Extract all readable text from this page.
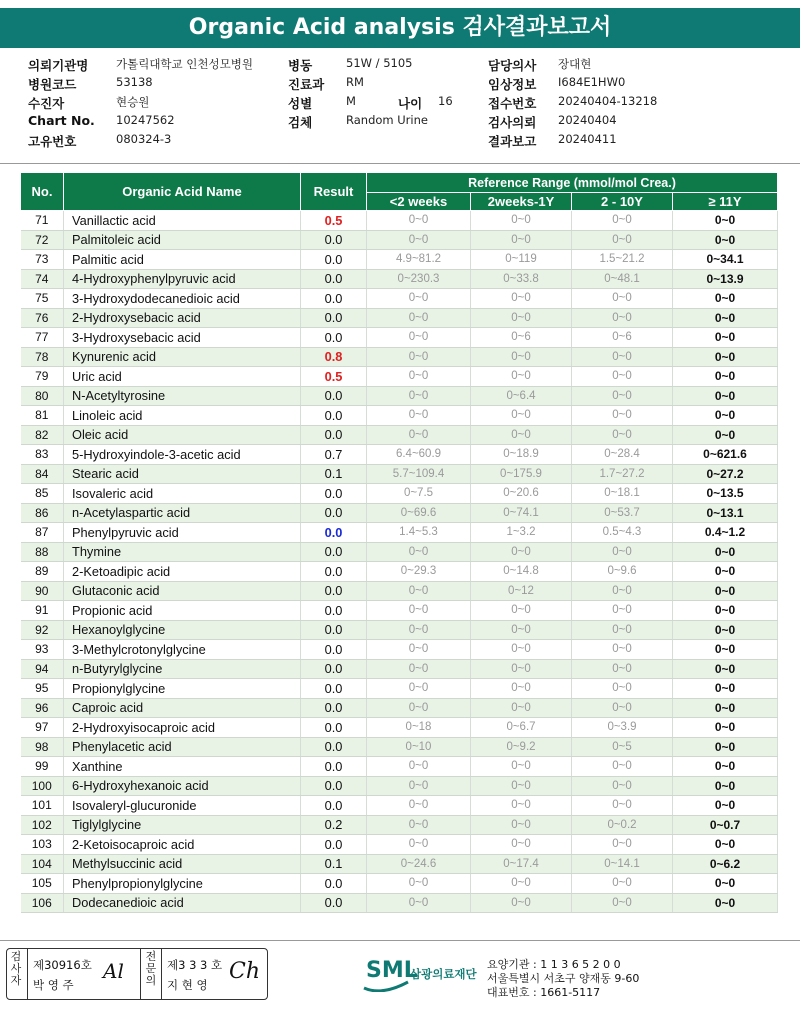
Organic Acid analysis 검사결과보고서
의뢰기관명 가톨릭대학교 인천성모병원	병동	51W / 5105	담당의사 장대현
병원코드	53138	진료과 RM	임상정보 I684E1HW0
수진자	현승원	성별	M	나이 16	접수번호 20240404-13218
Chart No. 10247562	검체	Random Urine	검사의뢰 20240404
고유번호	080324-3	결과보고 20240411
No.	Organic Acid Name	Result	Reference Range (mmol/mol Crea.)			
			<2 weeks	2weeks-1Y	2 - 10Y	≥ 11Y
71	Vanillactic acid	0.5	0~0	0~0	0~0	0~0
72	Palmitoleic acid	0.0	0~0	0~0	0~0	0~0
73	Palmitic acid	0.0	4.9~81.2	0~119	1.5~21.2	0~34.1
74	4-Hydroxyphenylpyruvic acid	0.0	0~230.3	0~33.8	0~48.1	0~13.9
75	3-Hydroxydodecanedioic acid	0.0	0~0	0~0	0~0	0~0
76	2-Hydroxysebacic acid	0.0	0~0	0~0	0~0	0~0
77	3-Hydroxysebacic acid	0.0	0~0	0~6	0~6	0~0
78	Kynurenic acid	0.8	0~0	0~0	0~0	0~0
79	Uric acid	0.5	0~0	0~0	0~0	0~0
80	N-Acetyltyrosine	0.0	0~0	0~6.4	0~0	0~0
81	Linoleic acid	0.0	0~0	0~0	0~0	0~0
82	Oleic acid	0.0	0~0	0~0	0~0	0~0
83	5-Hydroxyindole-3-acetic acid	0.7	6.4~60.9	0~18.9	0~28.4	0~621.6
84	Stearic acid	0.1	5.7~109.4	0~175.9	1.7~27.2	0~27.2
85	Isovaleric acid	0.0	0~7.5	0~20.6	0~18.1	0~13.5
86	n-Acetylaspartic acid	0.0	0~69.6	0~74.1	0~53.7	0~13.1
87	Phenylpyruvic acid	0.0	1.4~5.3	1~3.2	0.5~4.3	0.4~1.2
88	Thymine	0.0	0~0	0~0	0~0	0~0
89	2-Ketoadipic acid	0.0	0~29.3	0~14.8	0~9.6	0~0
90	Glutaconic acid	0.0	0~0	0~12	0~0	0~0
91	Propionic acid	0.0	0~0	0~0	0~0	0~0
92	Hexanoylglycine	0.0	0~0	0~0	0~0	0~0
93	3-Methylcrotonylglycine	0.0	0~0	0~0	0~0	0~0
94	n-Butyrylglycine	0.0	0~0	0~0	0~0	0~0
95	Propionylglycine	0.0	0~0	0~0	0~0	0~0
96	Caproic acid	0.0	0~0	0~0	0~0	0~0
97	2-Hydroxyisocaproic acid	0.0	0~18	0~6.7	0~3.9	0~0
98	Phenylacetic acid	0.0	0~10	0~9.2	0~5	0~0
99	Xanthine	0.0	0~0	0~0	0~0	0~0
100	6-Hydroxyhexanoic acid	0.0	0~0	0~0	0~0	0~0
101	Isovaleryl-glucuronide	0.0	0~0	0~0	0~0	0~0
102	Tiglylglycine	0.2	0~0	0~0	0~0.2	0~0.7
103	2-Ketoisocaproic acid	0.0	0~0	0~0	0~0	0~0
104	Methylsuccinic acid	0.1	0~24.6	0~17.4	0~14.1	0~6.2
105	Phenylpropionylglycine	0.0	0~0	0~0	0~0	0~0
106	Dodecanedioic acid	0.0	0~0	0~0	0~0	0~0
검사자
제30916호
박 영 주
Al
전문의
제3 3 3 호
지 현 영
Ch	SML
삼광의료재단
요양기관 : 1 1 3 6 5 2 0 0
서울특별시 서초구 양재동 9-60
대표번호 : 1661-5117
